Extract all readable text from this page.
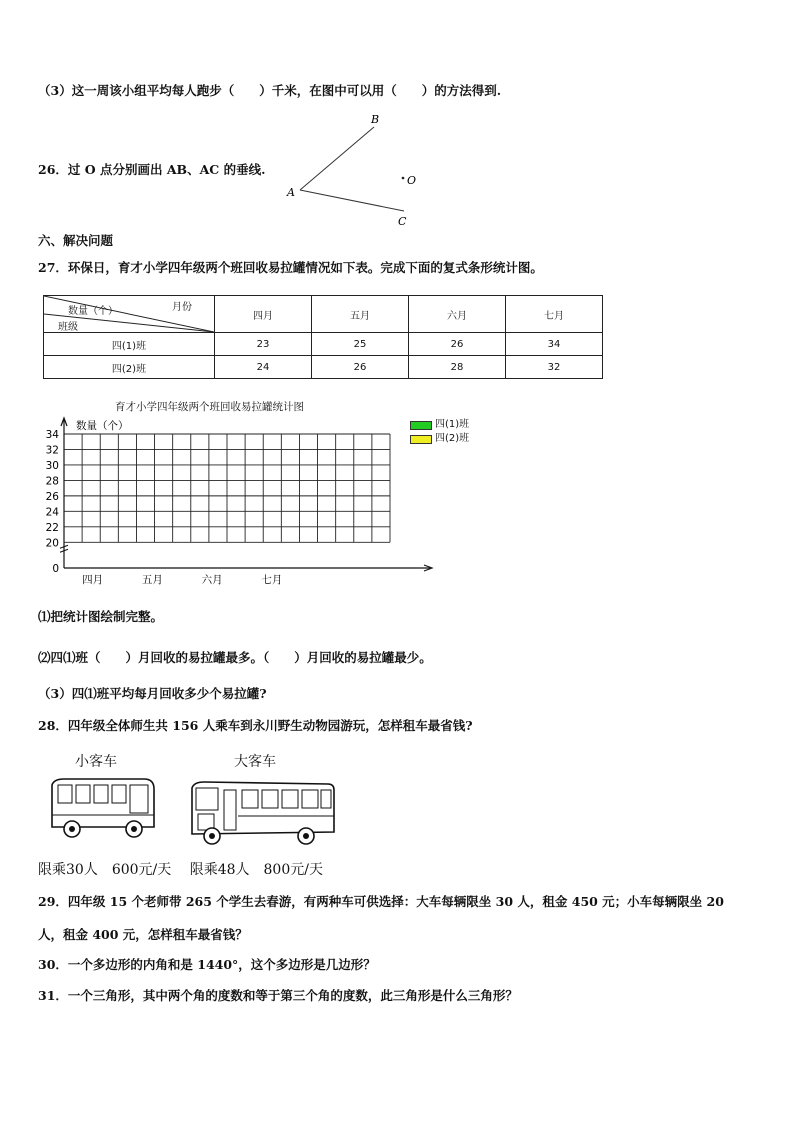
（3）这一周该小组平均每人跑步（　　）千米，在图中可以用（　　）的方法得到.
26．过 O 点分别画出 AB、AC 的垂线.
A
B
C
O
六、解决问题
27．环保日，育才小学四年级两个班回收易拉罐情况如下表。完成下面的复式条形统计图。
月份
数量（个）
班级	四月	五月	六月	七月
四(1)班	23	25	26	34
四(2)班	24	26	28	32
育才小学四年级两个班回收易拉罐统计图
四(1)班
四(2)班
34
32
30
28
26
24
22
20
0
数量（个）
四月	五月	六月	七月
⑴把统计图绘制完整。
⑵四⑴班（　　）月回收的易拉罐最多。（　　）月回收的易拉罐最少。
（3）四⑴班平均每月回收多少个易拉罐?
28．四年级全体师生共 156 人乘车到永川野生动物园游玩，怎样租车最省钱?
小客车	大客车
限乘30人　600元/天　 限乘48人　800元/天
29．四年级 15 个老师带 265 个学生去春游，有两种车可供选择：大车每辆限坐 30 人，租金 450 元；小车每辆限坐 20
人，租金 400 元，怎样租车最省钱？
30．一个多边形的内角和是 1440°，这个多边形是几边形？
31．一个三角形，其中两个角的度数和等于第三个角的度数，此三角形是什么三角形？
